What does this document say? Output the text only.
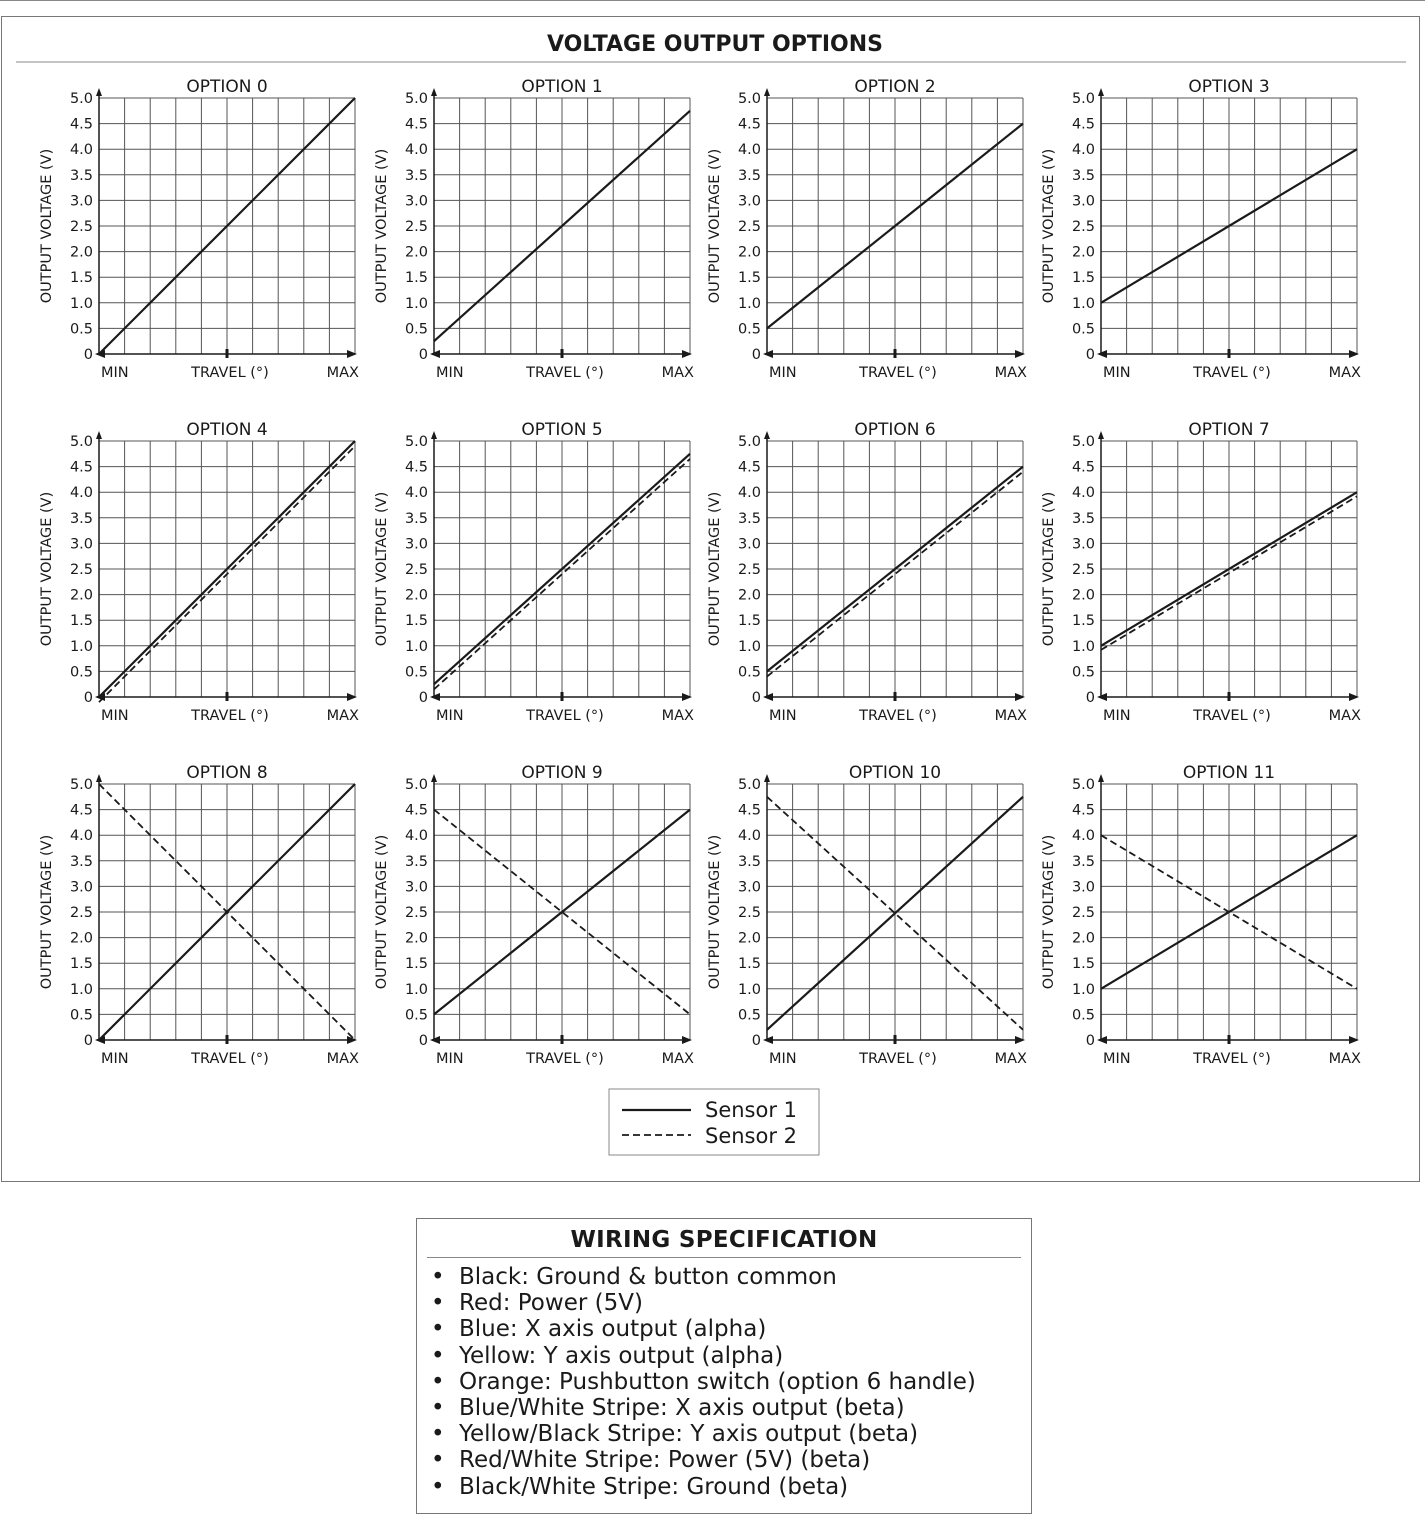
VOLTAGE OUTPUT OPTIONS
OPTION 0
0
0.5
1.0
1.5
2.0
2.5
3.0
3.5
4.0
4.5
5.0
OUTPUT VOLTAGE (V)
MIN	TRAVEL (°)	MAX
OPTION 1
0
0.5
1.0
1.5
2.0
2.5
3.0
3.5
4.0
4.5
5.0
OUTPUT VOLTAGE (V)
MIN	TRAVEL (°)	MAX
OPTION 2
0
0.5
1.0
1.5
2.0
2.5
3.0
3.5
4.0
4.5
5.0
OUTPUT VOLTAGE (V)
MIN	TRAVEL (°)	MAX
OPTION 3
0
0.5
1.0
1.5
2.0
2.5
3.0
3.5
4.0
4.5
5.0
OUTPUT VOLTAGE (V)
MIN	TRAVEL (°)	MAX
OPTION 4
0
0.5
1.0
1.5
2.0
2.5
3.0
3.5
4.0
4.5
5.0
OUTPUT VOLTAGE (V)
MIN	TRAVEL (°)	MAX
OPTION 5
0
0.5
1.0
1.5
2.0
2.5
3.0
3.5
4.0
4.5
5.0
OUTPUT VOLTAGE (V)
MIN	TRAVEL (°)	MAX
OPTION 6
0
0.5
1.0
1.5
2.0
2.5
3.0
3.5
4.0
4.5
5.0
OUTPUT VOLTAGE (V)
MIN	TRAVEL (°)	MAX
OPTION 7
0
0.5
1.0
1.5
2.0
2.5
3.0
3.5
4.0
4.5
5.0
OUTPUT VOLTAGE (V)
MIN	TRAVEL (°)	MAX
OPTION 8
0
0.5
1.0
1.5
2.0
2.5
3.0
3.5
4.0
4.5
5.0
OUTPUT VOLTAGE (V)
MIN	TRAVEL (°)	MAX
OPTION 9
0
0.5
1.0
1.5
2.0
2.5
3.0
3.5
4.0
4.5
5.0
OUTPUT VOLTAGE (V)
MIN	TRAVEL (°)	MAX
OPTION 10
0
0.5
1.0
1.5
2.0
2.5
3.0
3.5
4.0
4.5
5.0
OUTPUT VOLTAGE (V)
MIN	TRAVEL (°)	MAX
OPTION 11
0
0.5
1.0
1.5
2.0
2.5
3.0
3.5
4.0
4.5
5.0
OUTPUT VOLTAGE (V)
MIN	TRAVEL (°)	MAX
Sensor 1
Sensor 2
WIRING SPECIFICATION
• Black: Ground & button common
• Red: Power (5V)
• Blue: X axis output (alpha)
• Yellow: Y axis output (alpha)
• Orange: Pushbutton switch (option 6 handle)
• Blue/White Stripe: X axis output (beta)
• Yellow/Black Stripe: Y axis output (beta)
• Red/White Stripe: Power (5V) (beta)
• Black/White Stripe: Ground (beta)
